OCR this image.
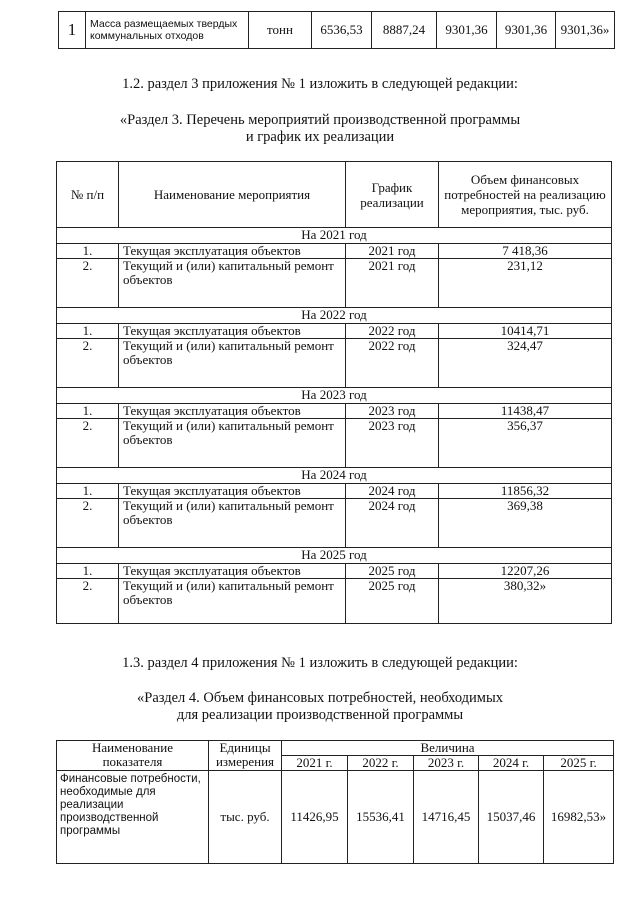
1	Масса размещаемых твердых коммунальных отходов	тонн	6536,53	8887,24	9301,36	9301,36	9301,36»

1.2. раздел 3 приложения № 1 изложить в следующей редакции:

«Раздел 3. Перечень мероприятий производственной программы

и график их реализации

№ п/п	Наименование мероприятия	График реализации	Объем финансовых потребностей на реализацию мероприятия, тыс. руб.
На 2021 год			
1.	Текущая эксплуатация объектов	2021 год	7 418,36
2.	Текущий и (или) капитальный ремонт объектов	2021 год	231,12
На 2022 год			
1.	Текущая эксплуатация объектов	2022 год	10414,71
2.	Текущий и (или) капитальный ремонт объектов	2022 год	324,47
На 2023 год			
1.	Текущая эксплуатация объектов	2023 год	11438,47
2.	Текущий и (или) капитальный ремонт объектов	2023 год	356,37
На 2024 год			
1.	Текущая эксплуатация объектов	2024 год	11856,32
2.	Текущий и (или) капитальный ремонт объектов	2024 год	369,38
На 2025 год			
1.	Текущая эксплуатация объектов	2025 год	12207,26
2.	Текущий и (или) капитальный ремонт объектов	2025 год	380,32»

1.3. раздел 4 приложения № 1 изложить в следующей редакции:

«Раздел 4. Объем финансовых потребностей, необходимых

для реализации производственной программы

Наименование показателя	Единицы измерения	Величина				
		2021 г.	2022 г.	2023 г.	2024 г.	2025 г.
Финансовые потребности, необходимые для реализации производственной программы	тыс. руб.	11426,95	15536,41	14716,45	15037,46	16982,53»
